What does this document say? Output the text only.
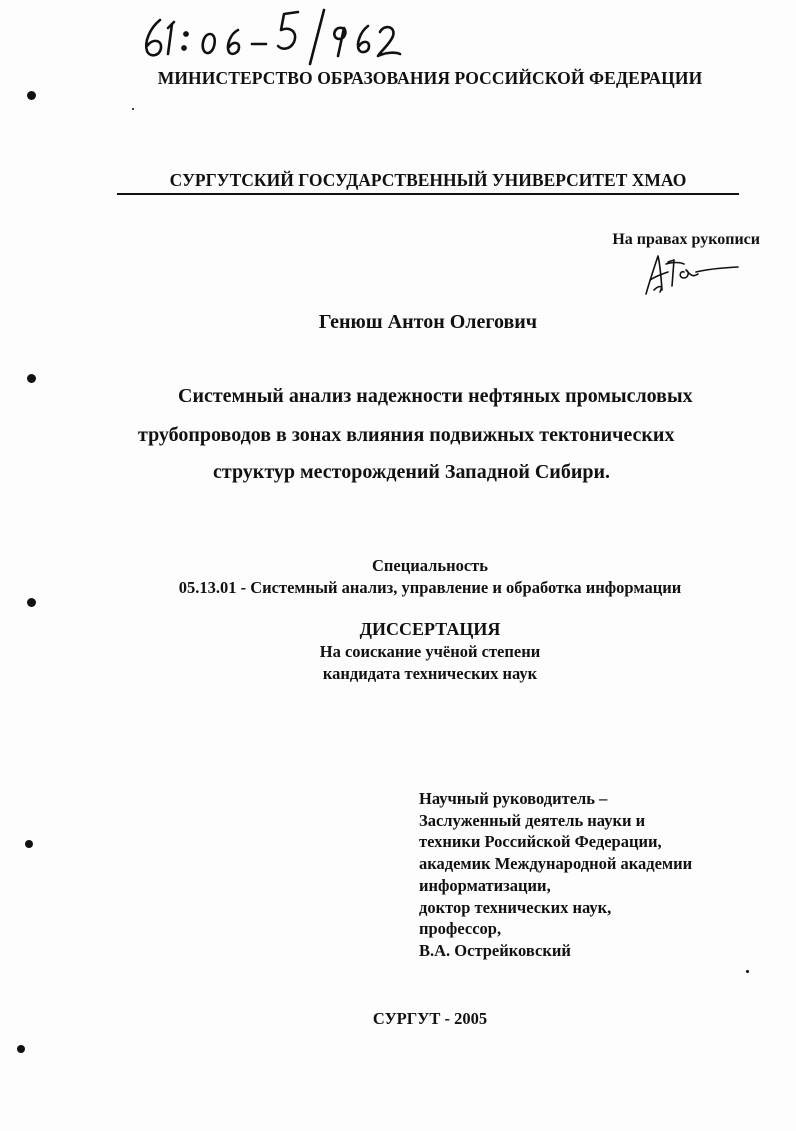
МИНИСТЕРСТВО ОБРАЗОВАНИЯ РОССИЙСКОЙ ФЕДЕРАЦИИ
СУРГУТСКИЙ ГОСУДАРСТВЕННЫЙ УНИВЕРСИТЕТ ХМАО
На правах рукописи
Генюш Антон Олегович
Системный анализ надежности нефтяных промысловых
трубопроводов в зонах влияния подвижных тектонических
структур месторождений Западной Сибири.
Специальность
05.13.01 - Системный анализ, управление и обработка информации
ДИССЕРТАЦИЯ
На соискание учёной степени
кандидата технических наук
Научный руководитель –
Заслуженный деятель науки и
техники Российской Федерации,
академик Международной академии
информатизации,
доктор технических наук,
профессор,
В.А. Острейковский
СУРГУТ - 2005
